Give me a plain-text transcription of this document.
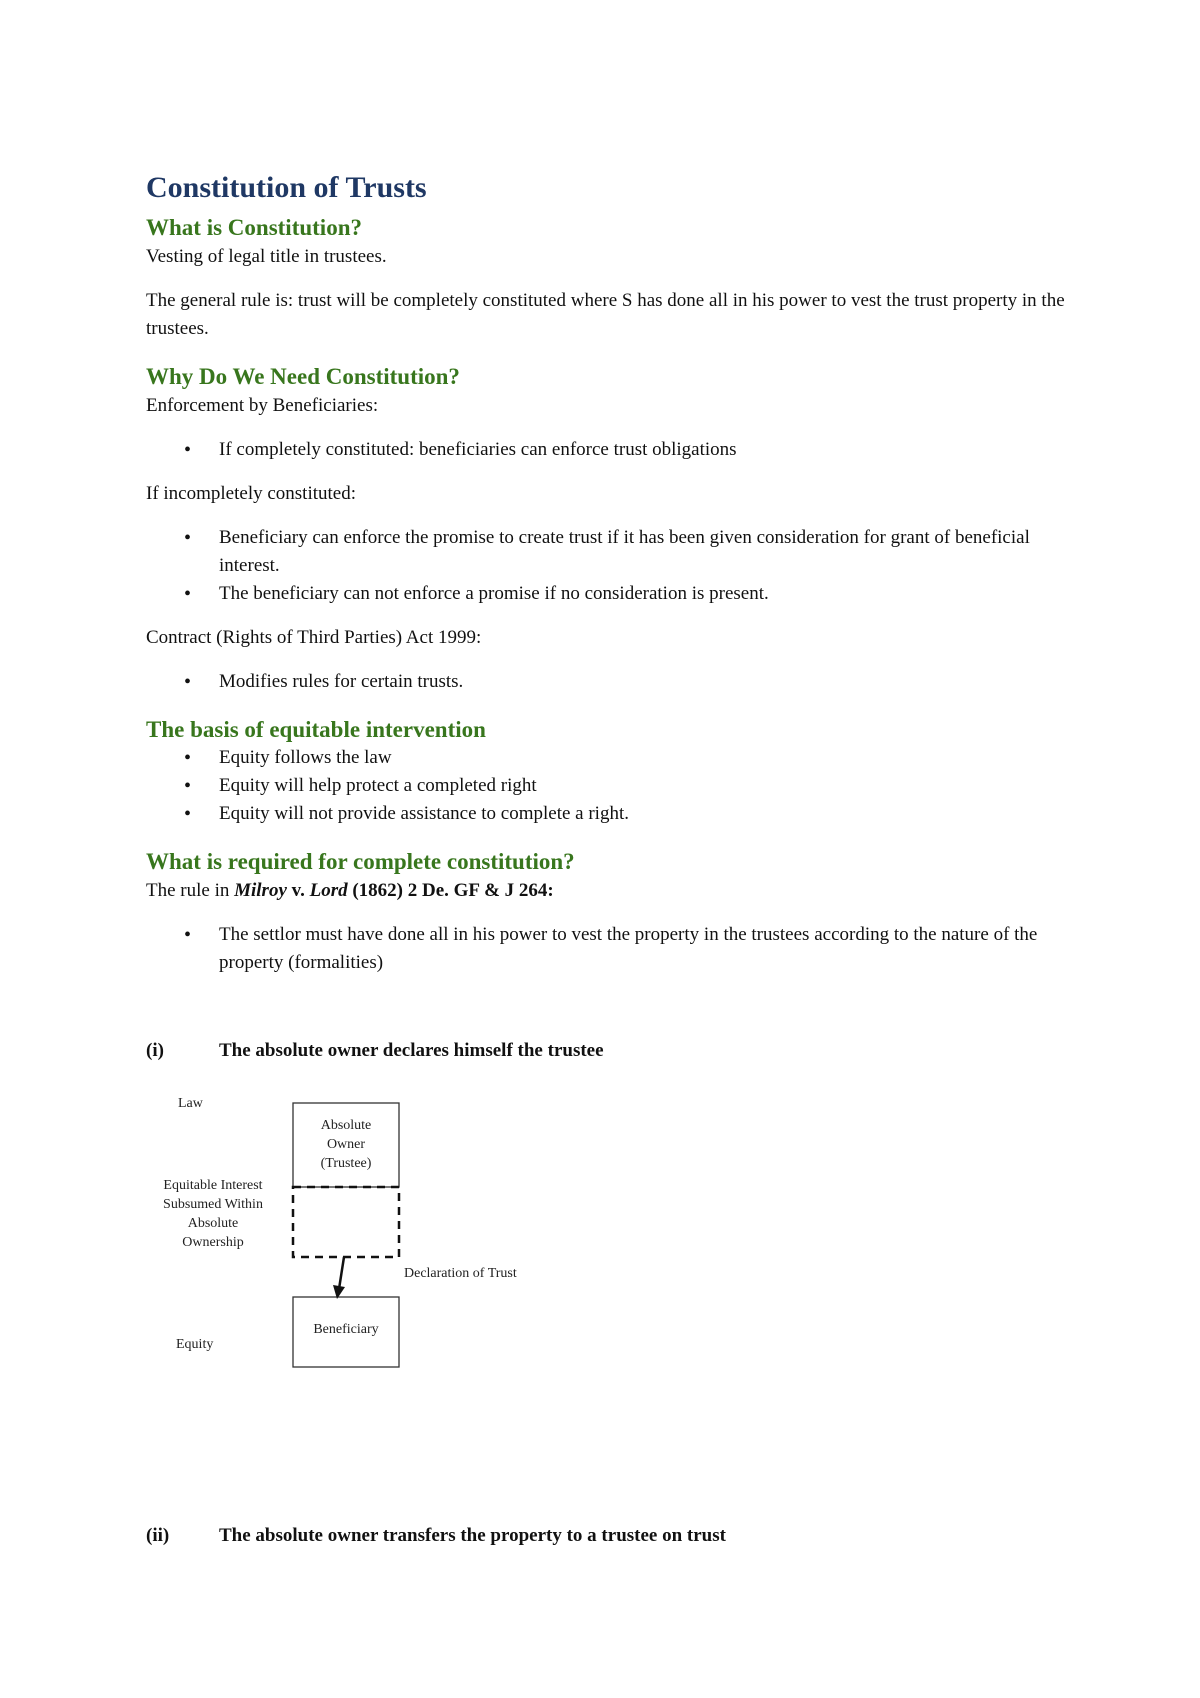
Constitution of Trusts
What is Constitution?

Vesting of legal title in trustees.

The general rule is: trust will be completely constituted where S has done all in his power to vest the trust property in the trustees.

Why Do We Need Constitution?

Enforcement by Beneficiaries:

• If completely constituted: beneficiaries can enforce trust obligations

If incompletely constituted:

• Beneficiary can enforce the promise to create trust if it has been given consideration for grant of beneficial interest.
• The beneficiary can not enforce a promise if no consideration is present.

Contract (Rights of Third Parties) Act 1999:

• Modifies rules for certain trusts.
The basis of equitable intervention
• Equity follows the law
• Equity will help protect a completed right
• Equity will not provide assistance to complete a right.
What is required for complete constitution?

The rule in Milroy v. Lord (1862) 2 De. GF & J 264:

• The settlor must have done all in his power to vest the property in the trustees according to the nature of the property (formalities)
(i)	The absolute owner declares himself the trustee
Law
Absolute
Owner
(Trustee)
Equitable Interest
Subsumed Within
Absolute
Ownership
Declaration of Trust
Beneficiary
Equity
(ii)	The absolute owner transfers the property to a trustee on trust
